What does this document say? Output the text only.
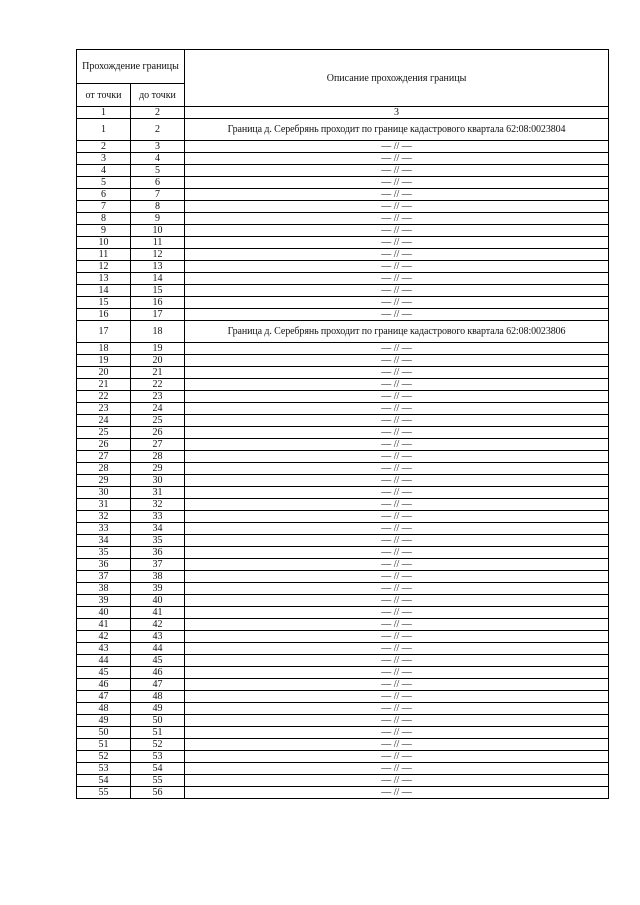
Прохождение границы		Описание прохождения границы
от точки	до точки	
1	2	3
1	2	Граница д. Серебрянь проходит по границе кадастрового квартала 62:08:0023804
2	3	— // —
3	4	— // —
4	5	— // —
5	6	— // —
6	7	— // —
7	8	— // —
8	9	— // —
9	10	— // —
10	11	— // —
11	12	— // —
12	13	— // —
13	14	— // —
14	15	— // —
15	16	— // —
16	17	— // —
17	18	Граница д. Серебрянь проходит по границе кадастрового квартала 62:08:0023806
18	19	— // —
19	20	— // —
20	21	— // —
21	22	— // —
22	23	— // —
23	24	— // —
24	25	— // —
25	26	— // —
26	27	— // —
27	28	— // —
28	29	— // —
29	30	— // —
30	31	— // —
31	32	— // —
32	33	— // —
33	34	— // —
34	35	— // —
35	36	— // —
36	37	— // —
37	38	— // —
38	39	— // —
39	40	— // —
40	41	— // —
41	42	— // —
42	43	— // —
43	44	— // —
44	45	— // —
45	46	— // —
46	47	— // —
47	48	— // —
48	49	— // —
49	50	— // —
50	51	— // —
51	52	— // —
52	53	— // —
53	54	— // —
54	55	— // —
55	56	— // —
